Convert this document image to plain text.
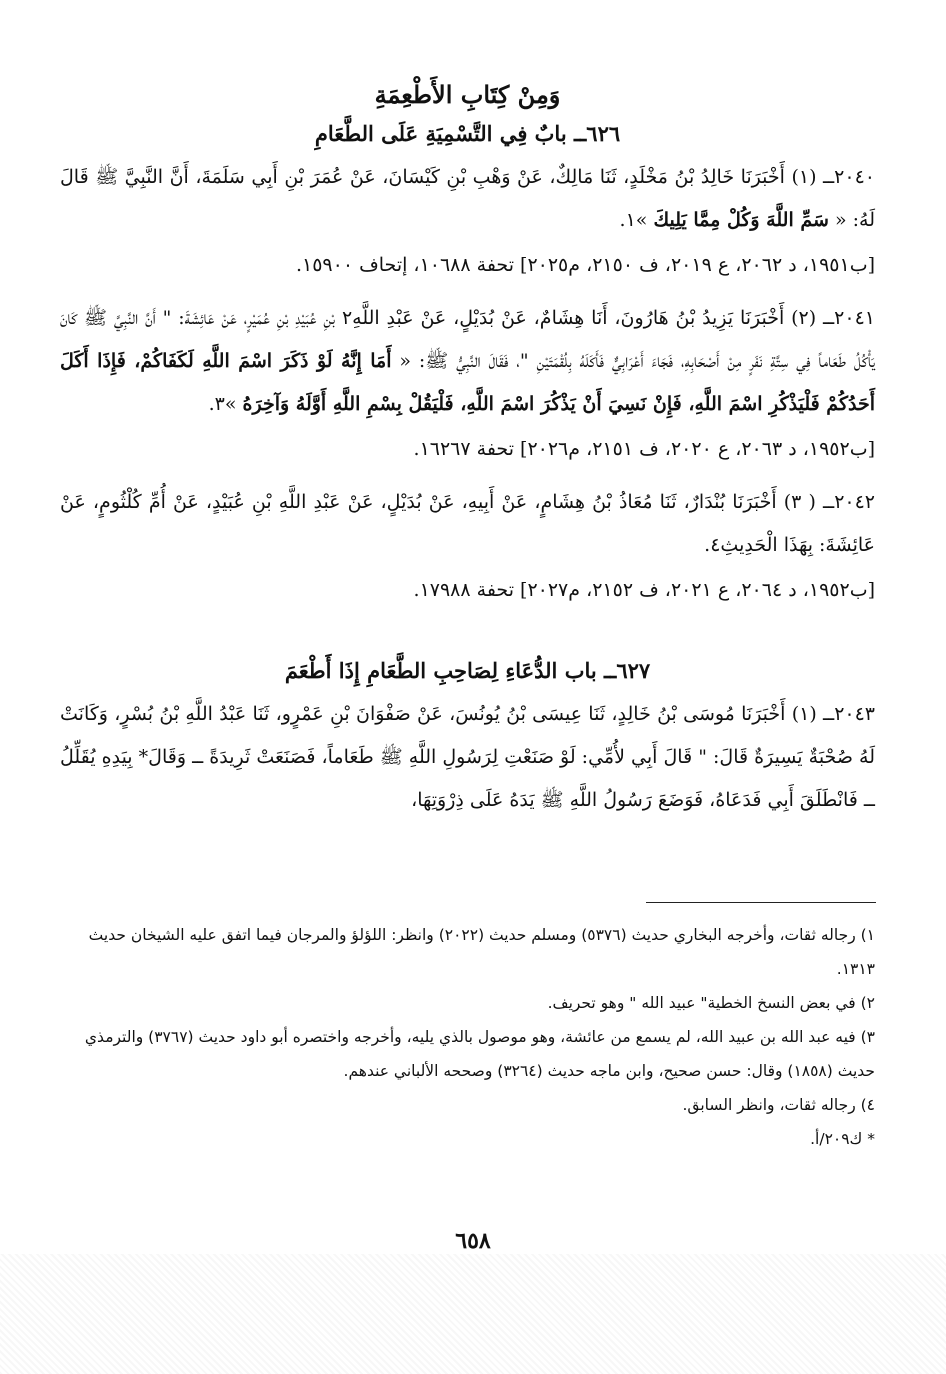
وَمِنْ كِتَابِ الأَطْعِمَةِ
٦٢٦ــ بابٌ فِي التَّسْمِيَةِ عَلَى الطَّعَامِ

٢٠٤٠ــ (١) أَخْبَرَنَا خَالِدُ بْنُ مَخْلَدٍ، ثَنَا مَالِكٌ، عَنْ وَهْبِ بْنِ كَيْسَانَ، عَنْ عُمَرَ بْنِ أَبِي سَلَمَةَ، أَنَّ النَّبِيَّ ﷺ قَالَ لَهُ: « سَمِّ اللَّهَ وَكُلْ مِمَّا يَلِيكَ »١.

[ب١٩٥١، د ٢٠٦٢، ع ٢٠١٩، ف ٢١٥٠، م٢٠٢٥] تحفة ١٠٦٨٨، إتحاف ١٥٩٠٠.

٢٠٤١ــ (٢) أَخْبَرَنَا يَزِيدُ بْنُ هَارُونَ، أَنَا هِشَامٌ، عَنْ بُدَيْلٍ، عَنْ عَبْدِ اللَّهِ٢ بْنِ عُبَيْدِ بْنِ عُمَيْرٍ، عَنْ عَائِشَةَ: " أَنَّ النَّبِيَّ ﷺ كَانَ يَأْكُلُ طَعَاماً فِي سِتَّةِ نَفَرٍ مِنْ أَصْحَابِهِ، فَجَاءَ أَعْرَابِيٌّ فَأَكَلَهُ بِلُقْمَتَيْنِ "، فَقَالَ النَّبِيُّ ﷺ: « أَمَا إِنَّهُ لَوْ ذَكَرَ اسْمَ اللَّهِ لَكَفَاكُمْ، فَإِذَا أَكَلَ أَحَدُكُمْ فَلْيَذْكُرِ اسْمَ اللَّهِ، فَإِنْ نَسِيَ أَنْ يَذْكُرَ اسْمَ اللَّهِ، فَلْيَقُلْ بِسْمِ اللَّهِ أَوَّلَهُ وَآخِرَهُ »٣.

[ب١٩٥٢، د ٢٠٦٣، ع ٢٠٢٠، ف ٢١٥١، م٢٠٢٦] تحفة ١٦٢٦٧.

٢٠٤٢ــ ( ٣) أَخْبَرَنَا بُنْدَارٌ، ثَنَا مُعَاذُ بْنُ هِشَامٍ، عَنْ أَبِيهِ، عَنْ بُدَيْلٍ، عَنْ عَبْدِ اللَّهِ بْنِ عُبَيْدٍ، عَنْ أُمِّ كُلْثُومٍ، عَنْ عَائِشَةَ: بِهَذَا الْحَدِيثِ٤.

[ب١٩٥٢، د ٢٠٦٤، ع ٢٠٢١، ف ٢١٥٢، م٢٠٢٧] تحفة ١٧٩٨٨.

٦٢٧ــ باب الدُّعَاءِ لِصَاحِبِ الطَّعَامِ إِذَا أَطْعَمَ

٢٠٤٣ــ (١) أَخْبَرَنَا مُوسَى بْنُ خَالِدٍ، ثَنَا عِيسَى بْنُ يُونُسَ، عَنْ صَفْوَانَ بْنِ عَمْرٍو، ثَنَا عَبْدُ اللَّهِ بْنُ بُسْرٍ، وَكَانَتْ لَهُ صُحْبَةٌ يَسِيرَةٌ قَالَ: " قَالَ أَبِي لأُمِّي: لَوْ صَنَعْتِ لِرَسُولِ اللَّهِ ﷺ طَعَاماً، فَصَنَعَتْ ثَرِيدَةً ــ وَقَالَ* بِيَدِهِ يُقَلِّلُ ــ فَانْطَلَقَ أَبِي فَدَعَاهُ، فَوَضَعَ رَسُولُ اللَّهِ ﷺ يَدَهُ عَلَى ذِرْوَتِهَا،

١) رجاله ثقات، وأخرجه البخاري حديث (٥٣٧٦) ومسلم حديث (٢٠٢٢) وانظر: اللؤلؤ والمرجان فيما اتفق عليه الشيخان حديث ١٣١٣.

٢) في بعض النسخ الخطية" عبيد الله " وهو تحريف.

٣) فيه عبد الله بن عبيد الله، لم يسمع من عائشة، وهو موصول بالذي يليه، وأخرجه واختصره أبو داود حديث (٣٧٦٧) والترمذي حديث (١٨٥٨) وقال: حسن صحيح، وابن ماجه حديث (٣٢٦٤) وصححه الألباني عندهم.

٤) رجاله ثقات، وانظر السابق.

* ك٢٠٩/أ.

٦٥٨
